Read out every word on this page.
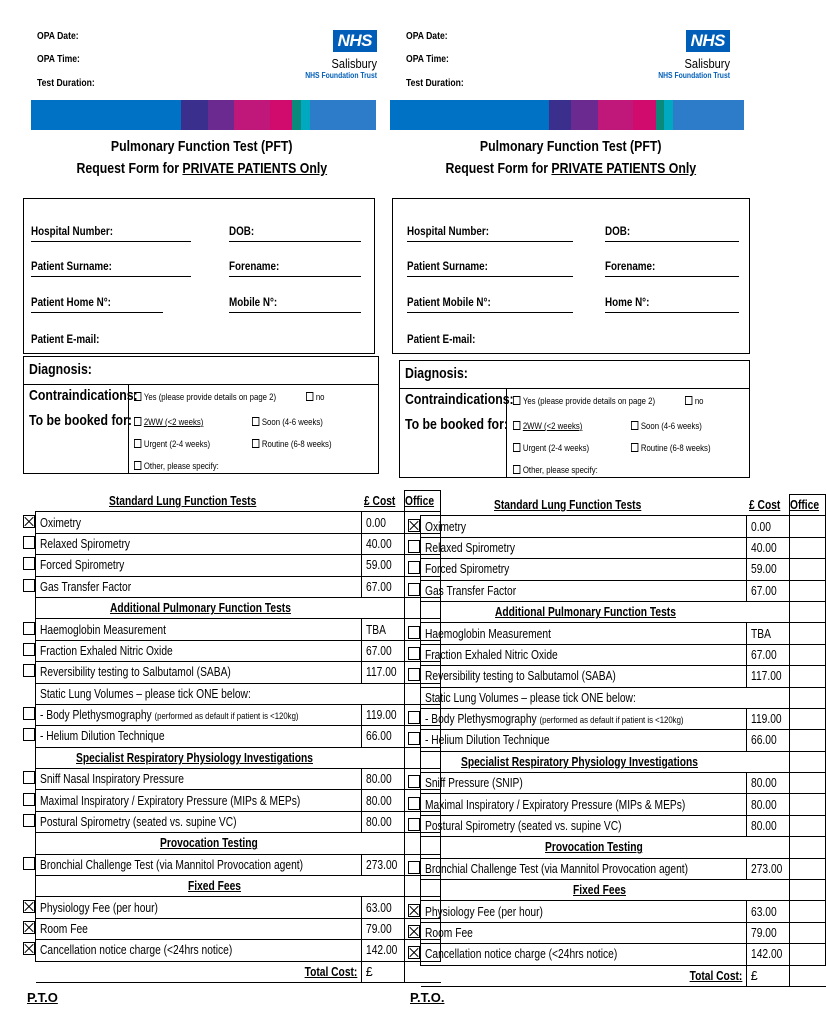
OPA Date:
OPA Time:
Test Duration:
NHS
Salisbury
NHS Foundation Trust
Pulmonary Function Test (PFT)
Request Form for PRIVATE PATIENTS Only
Hospital Number:	DOB:
Patient Surname:	Forename:
Patient Home N°:	Mobile N°:
Patient E-mail:
Diagnosis:
Contraindications: Yes (please provide details on page 2)	no
To be booked for:	2WW (<2 weeks)	Soon (4-6 weeks)
Urgent (2-4 weeks)	Routine (6-8 weeks)
Other, please specify:
	Standard Lung Function Tests	£ Cost	Office
	Oximetry	0.00	
	Relaxed Spirometry	40.00	
	Forced Spirometry	59.00	
	Gas Transfer Factor	67.00	
	Additional Pulmonary Function Tests		
	Haemoglobin Measurement	TBA	
	Fraction Exhaled Nitric Oxide	67.00	
	Reversibility testing to Salbutamol (SABA)	117.00	
	Static Lung Volumes – please tick ONE below:		
	- Body Plethysmography (performed as default if patient is <120kg)	119.00	
	- Helium Dilution Technique	66.00	
	Specialist Respiratory Physiology Investigations		
	Sniff Nasal Inspiratory Pressure	80.00	
	Maximal Inspiratory / Expiratory Pressure (MIPs & MEPs)	80.00	
	Postural Spirometry (seated vs. supine VC)	80.00	
	Provocation Testing		
	Bronchial Challenge Test (via Mannitol Provocation agent)	273.00	
	Fixed Fees		
	Physiology Fee (per hour)	63.00	
	Room Fee	79.00	
	Cancellation notice charge (<24hrs notice)	142.00	
	Total Cost:	£	
P.T.O
OPA Date:
OPA Time:
Test Duration:
NHS
Salisbury
NHS Foundation Trust
Pulmonary Function Test (PFT)
Request Form for PRIVATE PATIENTS Only
Hospital Number:	DOB:
Patient Surname:	Forename:
Patient Mobile N°:	Home N°:
Patient E-mail:
Diagnosis:
Contraindications: Yes (please provide details on page 2)	no
To be booked for:	2WW (<2 weeks)	Soon (4-6 weeks)
Urgent (2-4 weeks)	Routine (6-8 weeks)
Other, please specify:
	Standard Lung Function Tests	£ Cost	Office
	Oximetry	0.00	
	Relaxed Spirometry	40.00	
	Forced Spirometry	59.00	
	Gas Transfer Factor	67.00	
	Additional Pulmonary Function Tests		
	Haemoglobin Measurement	TBA	
	Fraction Exhaled Nitric Oxide	67.00	
	Reversibility testing to Salbutamol (SABA)	117.00	
	Static Lung Volumes – please tick ONE below:		
	- Body Plethysmography (performed as default if patient is <120kg)	119.00	
	- Helium Dilution Technique	66.00	
	Specialist Respiratory Physiology Investigations		
	Sniff Pressure (SNIP)	80.00	
	Maximal Inspiratory / Expiratory Pressure (MIPs & MEPs)	80.00	
	Postural Spirometry (seated vs. supine VC)	80.00	
	Provocation Testing		
	Bronchial Challenge Test (via Mannitol Provocation agent)	273.00	
	Fixed Fees		
	Physiology Fee (per hour)	63.00	
	Room Fee	79.00	
	Cancellation notice charge (<24hrs notice)	142.00	
	Total Cost:	£	
P.T.O.
